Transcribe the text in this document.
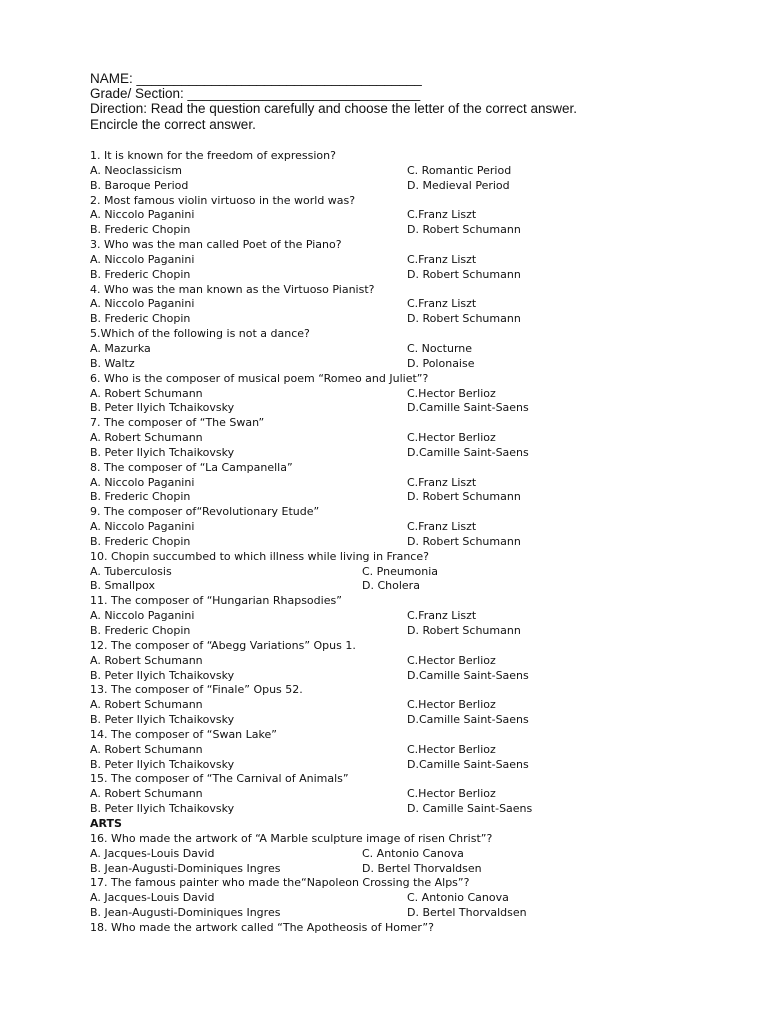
NAME: ______________________________________
Grade/ Section: _______________________________
Direction: Read the question carefully and choose the letter of the correct answer.
Encircle the correct answer.
1. It is known for the freedom of expression?
A. Neoclassicism	C. Romantic Period
B. Baroque Period	D. Medieval Period
2. Most famous violin virtuoso in the world was?
A. Niccolo Paganini	C.Franz Liszt
B. Frederic Chopin	D. Robert Schumann
3. Who was the man called Poet of the Piano?
A. Niccolo Paganini	C.Franz Liszt
B. Frederic Chopin	D. Robert Schumann
4. Who was the man known as the Virtuoso Pianist?
A. Niccolo Paganini	C.Franz Liszt
B. Frederic Chopin	D. Robert Schumann
5.Which of the following is not a dance?
A. Mazurka	C. Nocturne
B. Waltz	D. Polonaise
6. Who is the composer of musical poem “Romeo and Juliet”?
A. Robert Schumann	C.Hector Berlioz
B. Peter Ilyich Tchaikovsky	D.Camille Saint-Saens
7. The composer of “The Swan”
A. Robert Schumann	C.Hector Berlioz
B. Peter Ilyich Tchaikovsky	D.Camille Saint-Saens
8. The composer of “La Campanella”
A. Niccolo Paganini	C.Franz Liszt
B. Frederic Chopin	D. Robert Schumann
9. The composer of“Revolutionary Etude”
A. Niccolo Paganini	C.Franz Liszt
B. Frederic Chopin	D. Robert Schumann
10. Chopin succumbed to which illness while living in France?
A. Tuberculosis	C. Pneumonia
B. Smallpox	D. Cholera
11. The composer of “Hungarian Rhapsodies”
A. Niccolo Paganini	C.Franz Liszt
B. Frederic Chopin	D. Robert Schumann
12. The composer of “Abegg Variations” Opus 1.
A. Robert Schumann	C.Hector Berlioz
B. Peter Ilyich Tchaikovsky	D.Camille Saint-Saens
13. The composer of “Finale” Opus 52.
A. Robert Schumann	C.Hector Berlioz
B. Peter Ilyich Tchaikovsky	D.Camille Saint-Saens
14. The composer of “Swan Lake”
A. Robert Schumann	C.Hector Berlioz
B. Peter Ilyich Tchaikovsky	D.Camille Saint-Saens
15. The composer of “The Carnival of Animals”
A. Robert Schumann	C.Hector Berlioz
B. Peter Ilyich Tchaikovsky	D. Camille Saint-Saens
ARTS
16. Who made the artwork of “A Marble sculpture image of risen Christ”?
A. Jacques-Louis David	C. Antonio Canova
B. Jean-Augusti-Dominiques Ingres	D. Bertel Thorvaldsen
17. The famous painter who made the“Napoleon Crossing the Alps”?
A. Jacques-Louis David	C. Antonio Canova
B. Jean-Augusti-Dominiques Ingres	D. Bertel Thorvaldsen
18. Who made the artwork called “The Apotheosis of Homer”?
